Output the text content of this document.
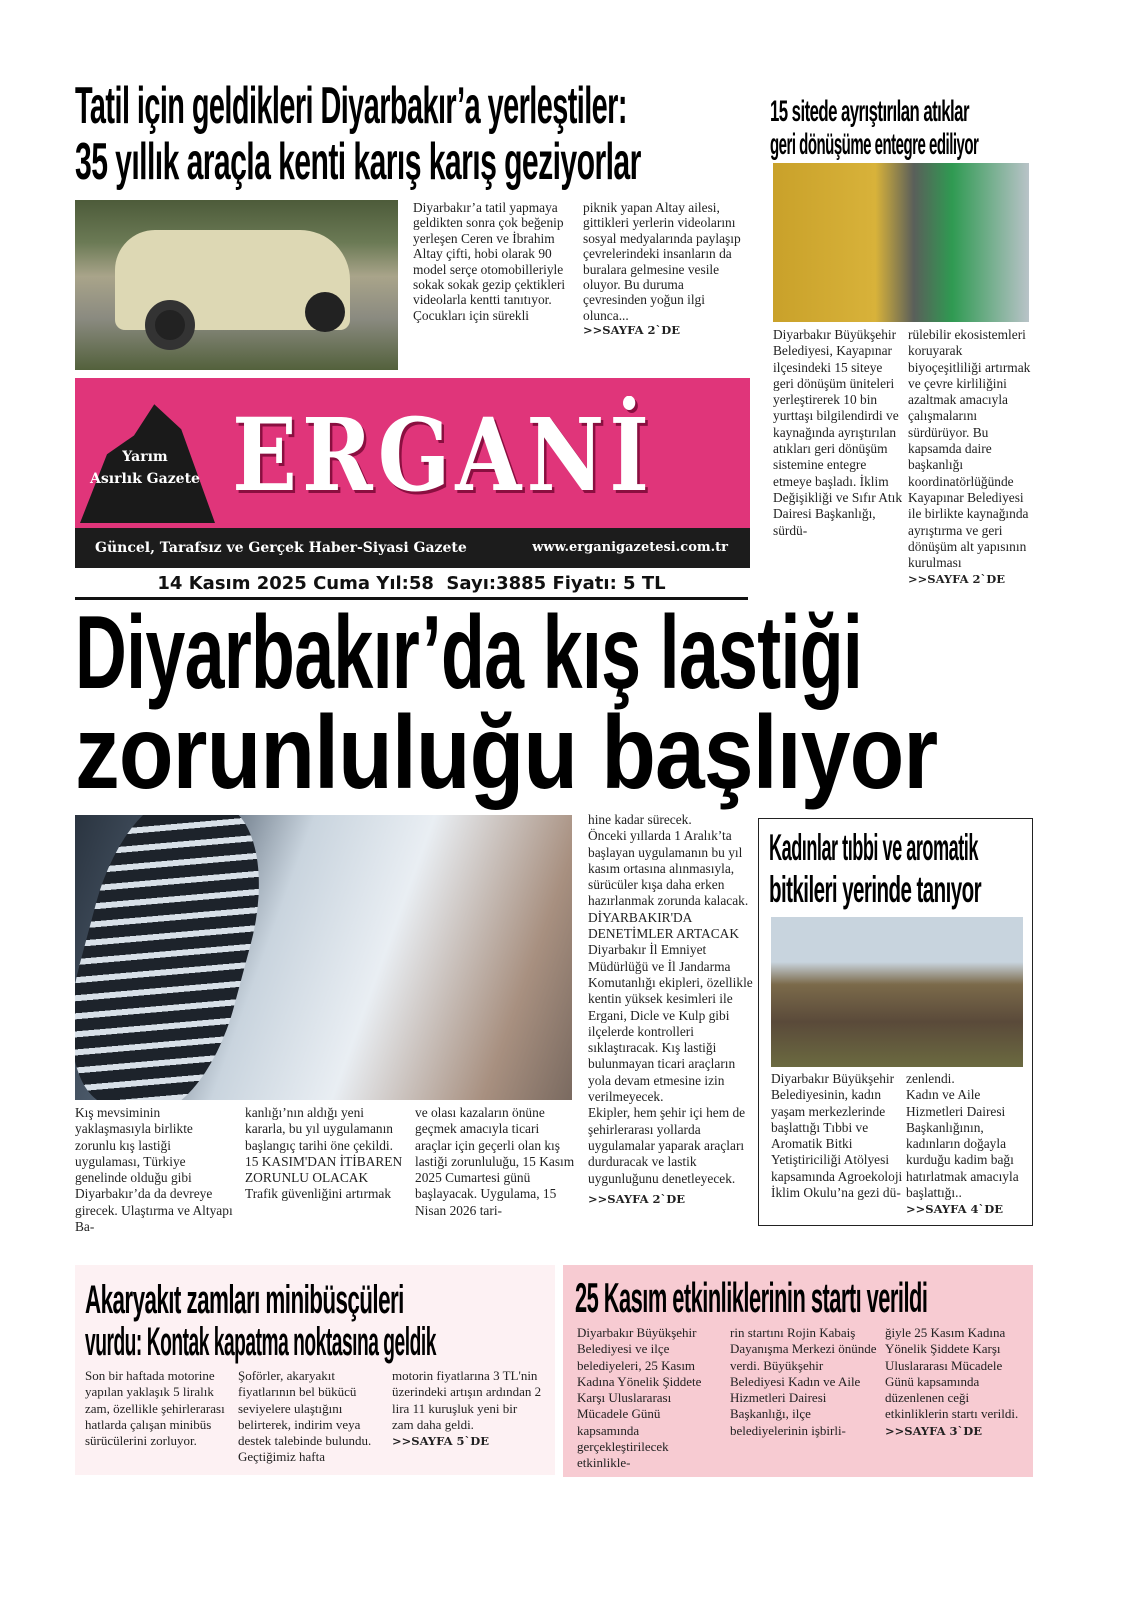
Tatil için geldikleri Diyarbakır’a yerleştiler:
35 yıllık araçla kenti karış karış geziyorlar
Diyarbakır’a tatil yapmaya geldikten sonra çok beğenip yerleşen Ceren ve İbrahim Altay çifti, hobi olarak 90 model serçe otomobilleriyle sokak sokak gezip çektikleri videolarla kentti tanıtıyor. Çocukları için sürekli

piknik yapan Altay ailesi, gittikleri yerlerin videolarını sosyal medyalarında paylaşıp çevrelerindeki insanların da buralara gelmesine vesile oluyor. Bu duruma çevresinden yoğun ilgi olunca...

>>SAYFA 2`DE

15 sitede ayrıştırılan atıklar
geri dönüşüme entegre ediliyor
Diyarbakır Büyükşehir Belediyesi, Kayapınar ilçesindeki 15 siteye geri dönüşüm üniteleri yerleştirerek 10 bin yurttaşı bilgilendirdi ve kaynağında ayrıştırılan atıkları geri dönüşüm sistemine entegre etmeye başladı. İklim Değişikliği ve Sıfır Atık Dairesi Başkanlığı, sürdü-

rülebilir ekosistemleri koruyarak biyoçeşitliliği artırmak ve çevre kirliliğini azaltmak amacıyla çalışmalarını sürdürüyor. Bu kapsamda daire başkanlığı koordinatörlüğünde Kayapınar Belediyesi ile birlikte kaynağında ayrıştırma ve geri dönüşüm alt yapısının kurulması

>>SAYFA 2`DE

Yarım
Asırlık Gazete ERGANİ
Güncel, Tarafsız ve Gerçek Haber-Siyasi Gazete	www.erganigazetesi.com.tr
14 Kasım 2025 Cuma Yıl:58  Sayı:3885 Fiyatı: 5 TL
Diyarbakır’da kış lastiği
zorunluluğu başlıyor
Kış mevsiminin yaklaşmasıyla birlikte zorunlu kış lastiği uygulaması, Türkiye genelinde olduğu gibi Diyarbakır’da da devreye girecek. Ulaştırma ve Altyapı Ba-

kanlığı’nın aldığı yeni kararla, bu yıl uygulamanın başlangıç tarihi öne çekildi.

15 KASIM'DAN İTİBAREN ZORUNLU OLACAK

Trafik güvenliğini artırmak

ve olası kazaların önüne geçmek amacıyla ticari araçlar için geçerli olan kış lastiği zorunluluğu, 15 Kasım 2025 Cumartesi günü başlayacak. Uygulama, 15 Nisan 2026 tari-

hine kadar sürecek.

Önceki yıllarda 1 Aralık’ta başlayan uygulamanın bu yıl kasım ortasına alınmasıyla, sürücüler kışa daha erken hazırlanmak zorunda kalacak.

DİYARBAKIR'DA DENETİMLER ARTACAK

Diyarbakır İl Emniyet Müdürlüğü ve İl Jandarma Komutanlığı ekipleri, özellikle kentin yüksek kesimleri ile Ergani, Dicle ve Kulp gibi ilçelerde kontrolleri sıklaştıracak. Kış lastiği bulunmayan ticari araçların yola devam etmesine izin verilmeyecek.

Ekipler, hem şehir içi hem de şehirlerarası yollarda uygulamalar yaparak araçları durduracak ve lastik uygunluğunu denetleyecek.

>>SAYFA 2`DE

Kadınlar tıbbi ve aromatik
bitkileri yerinde tanıyor
Diyarbakır Büyükşehir Belediyesinin, kadın yaşam merkezlerinde başlattığı Tıbbi ve Aromatik Bitki Yetiştiriciliği Atölyesi kapsamında Agroekoloji İklim Okulu’na gezi dü-

zenlendi.

Kadın ve Aile Hizmetleri Dairesi Başkanlığının, kadınların doğayla kurduğu kadim bağı hatırlatmak amacıyla başlattığı..

>>SAYFA 4`DE

Akaryakıt zamları minibüsçüleri
vurdu: Kontak kapatma noktasına geldik
Son bir haftada motorine yapılan yaklaşık 5 liralık zam, özellikle şehirlerarası hatlarda çalışan minibüs sürücülerini zorluyor.
Şoförler, akaryakıt fiyatlarının bel bükücü seviyelere ulaştığını belirterek, indirim veya destek talebinde bulundu. Geçtiğimiz hafta

motorin fiyatlarına 3 TL'nin üzerindeki artışın ardından 2 lira 11 kuruşluk yeni bir zam daha geldi.

>>SAYFA 5`DE

25 Kasım etkinliklerinin startı verildi
Diyarbakır Büyükşehir Belediyesi ve ilçe belediyeleri, 25 Kasım Kadına Yönelik Şiddete Karşı Uluslararası Mücadele Günü kapsamında gerçekleştirilecek etkinlikle-
rin startını Rojin Kabaiş Dayanışma Merkezi önünde verdi. Büyükşehir Belediyesi Kadın ve Aile Hizmetleri Dairesi Başkanlığı, ilçe belediyelerinin işbirli-

ğiyle 25 Kasım Kadına Yönelik Şiddete Karşı Uluslararası Mücadele Günü kapsamında düzenlenen ceği etkinliklerin startı verildi.

>>SAYFA 3`DE
